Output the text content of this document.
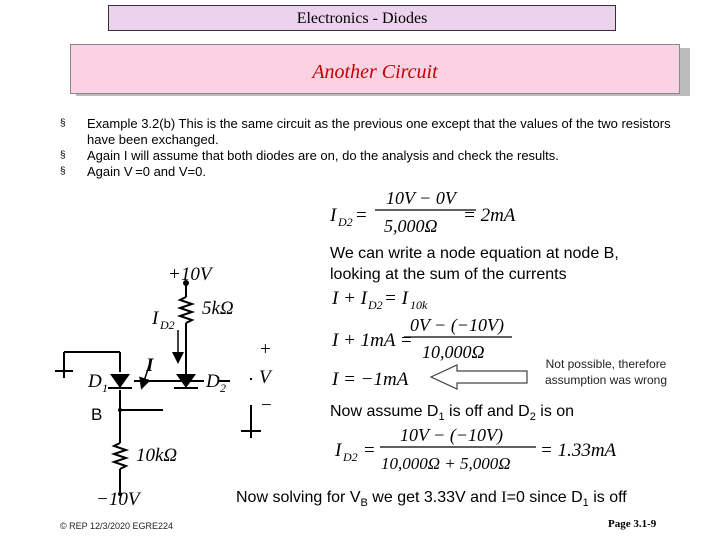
Electronics - Diodes
Another Circuit
§ Example 3.2(b) This is the same circuit as the previous one except that the values of the two resistors have been exchanged.
§ Again I will assume that both diodes are on, do the analysis and check the results.
§ Again V =0 and V=0.
I D2 =
10V − 0V
5,000Ω = 2mA
I + I D2 = I 10k
I + 1mA =
0V − (−10V)
10,000Ω
I = −1mA
I D2 =
10V − (−10V)
10,000Ω + 5,000Ω
= 1.33mA
+10V
5kΩ
I D2
D 1	D 2
I
+
V
−
10kΩ
−10V
We can write a node equation at node B, looking at the sum of the currents
Not possible, therefore assumption was wrong
B	Now assume $D_1$ is off and $D_2$ is on
Now solving for $V_B$ we get 3.33V and I=0 since $D_1$ is off
© REP 12/3/2020 EGRE224	Page 3.1-9
